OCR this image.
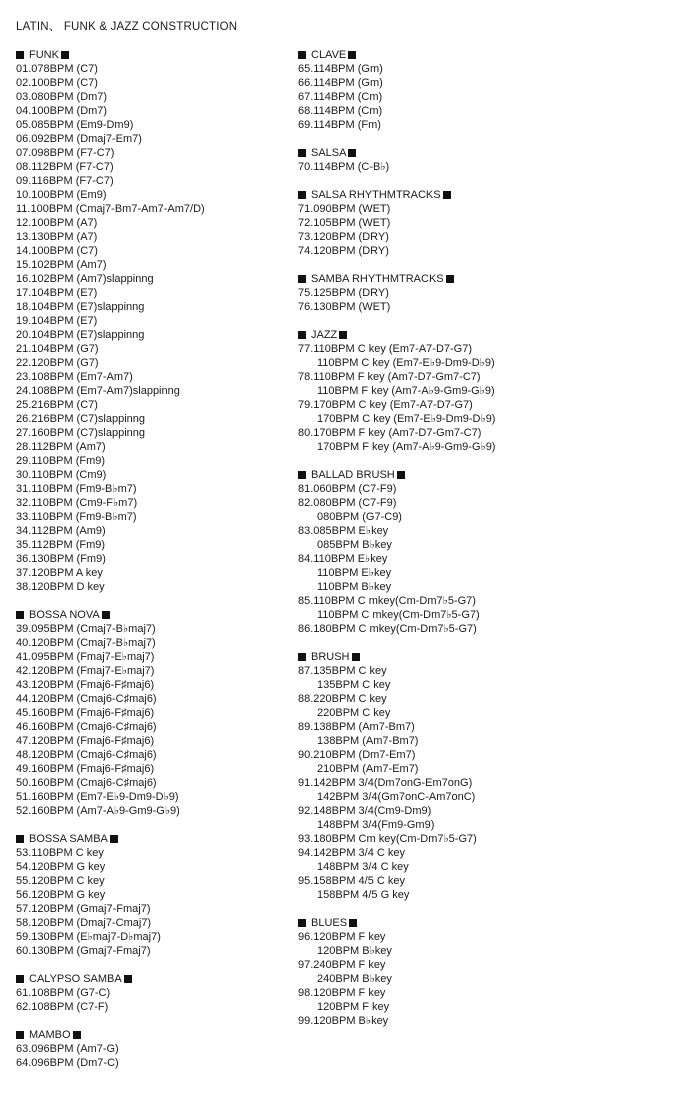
LATIN、 FUNK & JAZZ CONSTRUCTION
FUNK
01.078BPM (C7)
02.100BPM (C7)
03.080BPM (Dm7)
04.100BPM (Dm7)
05.085BPM (Em9-Dm9)
06.092BPM (Dmaj7-Em7)
07.098BPM (F7-C7)
08.112BPM (F7-C7)
09.116BPM (F7-C7)
10.100BPM (Em9)
11.100BPM (Cmaj7-Bm7-Am7-Am7/D)
12.100BPM (A7)
13.130BPM (A7)
14.100BPM (C7)
15.102BPM (Am7)
16.102BPM (Am7)slappinng
17.104BPM (E7)
18.104BPM (E7)slappinng
19.104BPM (E7)
20.104BPM (E7)slappinng
21.104BPM (G7)
22.120BPM (G7)
23.108BPM (Em7-Am7)
24.108BPM (Em7-Am7)slappinng
25.216BPM (C7)
26.216BPM (C7)slappinng
27.160BPM (C7)slappinng
28.112BPM (Am7)
29.110BPM (Fm9)
30.110BPM (Cm9)
31.110BPM (Fm9-B♭m7)
32.110BPM (Cm9-F♭m7)
33.110BPM (Fm9-B♭m7)
34.112BPM (Am9)
35.112BPM (Fm9)
36.130BPM (Fm9)
37.120BPM A key
38.120BPM D key
BOSSA NOVA
39.095BPM (Cmaj7-B♭maj7)
40.120BPM (Cmaj7-B♭maj7)
41.095BPM (Fmaj7-E♭maj7)
42.120BPM (Fmaj7-E♭maj7)
43.120BPM (Fmaj6-F♯maj6)
44.120BPM (Cmaj6-C♯maj6)
45.160BPM (Fmaj6-F♯maj6)
46.160BPM (Cmaj6-C♯maj6)
47.120BPM (Fmaj6-F♯maj6)
48.120BPM (Cmaj6-C♯maj6)
49.160BPM (Fmaj6-F♯maj6)
50.160BPM (Cmaj6-C♯maj6)
51.160BPM (Em7-E♭9-Dm9-D♭9)
52.160BPM (Am7-A♭9-Gm9-G♭9)
BOSSA SAMBA
53.110BPM C key
54.120BPM G key
55.120BPM C key
56.120BPM G key
57.120BPM (Gmaj7-Fmaj7)
58.120BPM (Dmaj7-Cmaj7)
59.130BPM (E♭maj7-D♭maj7)
60.130BPM (Gmaj7-Fmaj7)
CALYPSO SAMBA
61.108BPM (G7-C)
62.108BPM (C7-F)
MAMBO
63.096BPM (Am7-G)
64.096BPM (Dm7-C)
CLAVE
65.114BPM (Gm)
66.114BPM (Gm)
67.114BPM (Cm)
68.114BPM (Cm)
69.114BPM (Fm)
SALSA
70.114BPM (C-B♭)
SALSA RHYTHMTRACKS
71.090BPM (WET)
72.105BPM (WET)
73.120BPM (DRY)
74.120BPM (DRY)
SAMBA RHYTHMTRACKS
75.125BPM (DRY)
76.130BPM (WET)
JAZZ
77.110BPM C key (Em7-A7-D7-G7)
110BPM C key (Em7-E♭9-Dm9-D♭9)
78.110BPM F key (Am7-D7-Gm7-C7)
110BPM F key (Am7-A♭9-Gm9-G♭9)
79.170BPM C key (Em7-A7-D7-G7)
170BPM C key (Em7-E♭9-Dm9-D♭9)
80.170BPM F key (Am7-D7-Gm7-C7)
170BPM F key (Am7-A♭9-Gm9-G♭9)
BALLAD BRUSH
81.060BPM (C7-F9)
82.080BPM (C7-F9)
080BPM (G7-C9)
83.085BPM E♭key
085BPM B♭key
84.110BPM E♭key
110BPM E♭key
110BPM B♭key
85.110BPM C mkey(Cm-Dm7♭5-G7)
110BPM C mkey(Cm-Dm7♭5-G7)
86.180BPM C mkey(Cm-Dm7♭5-G7)
BRUSH
87.135BPM C key
135BPM C key
88.220BPM C key
220BPM C key
89.138BPM (Am7-Bm7)
138BPM (Am7-Bm7)
90.210BPM (Dm7-Em7)
210BPM (Am7-Em7)
91.142BPM 3/4(Dm7onG-Em7onG)
142BPM 3/4(Gm7onC-Am7onC)
92.148BPM 3/4(Cm9-Dm9)
148BPM 3/4(Fm9-Gm9)
93.180BPM Cm key(Cm-Dm7♭5-G7)
94.142BPM 3/4 C key
148BPM 3/4 C key
95.158BPM 4/5 C key
158BPM 4/5 G key
BLUES
96.120BPM F key
120BPM B♭key
97.240BPM F key
240BPM B♭key
98.120BPM F key
120BPM F key
99.120BPM B♭key
